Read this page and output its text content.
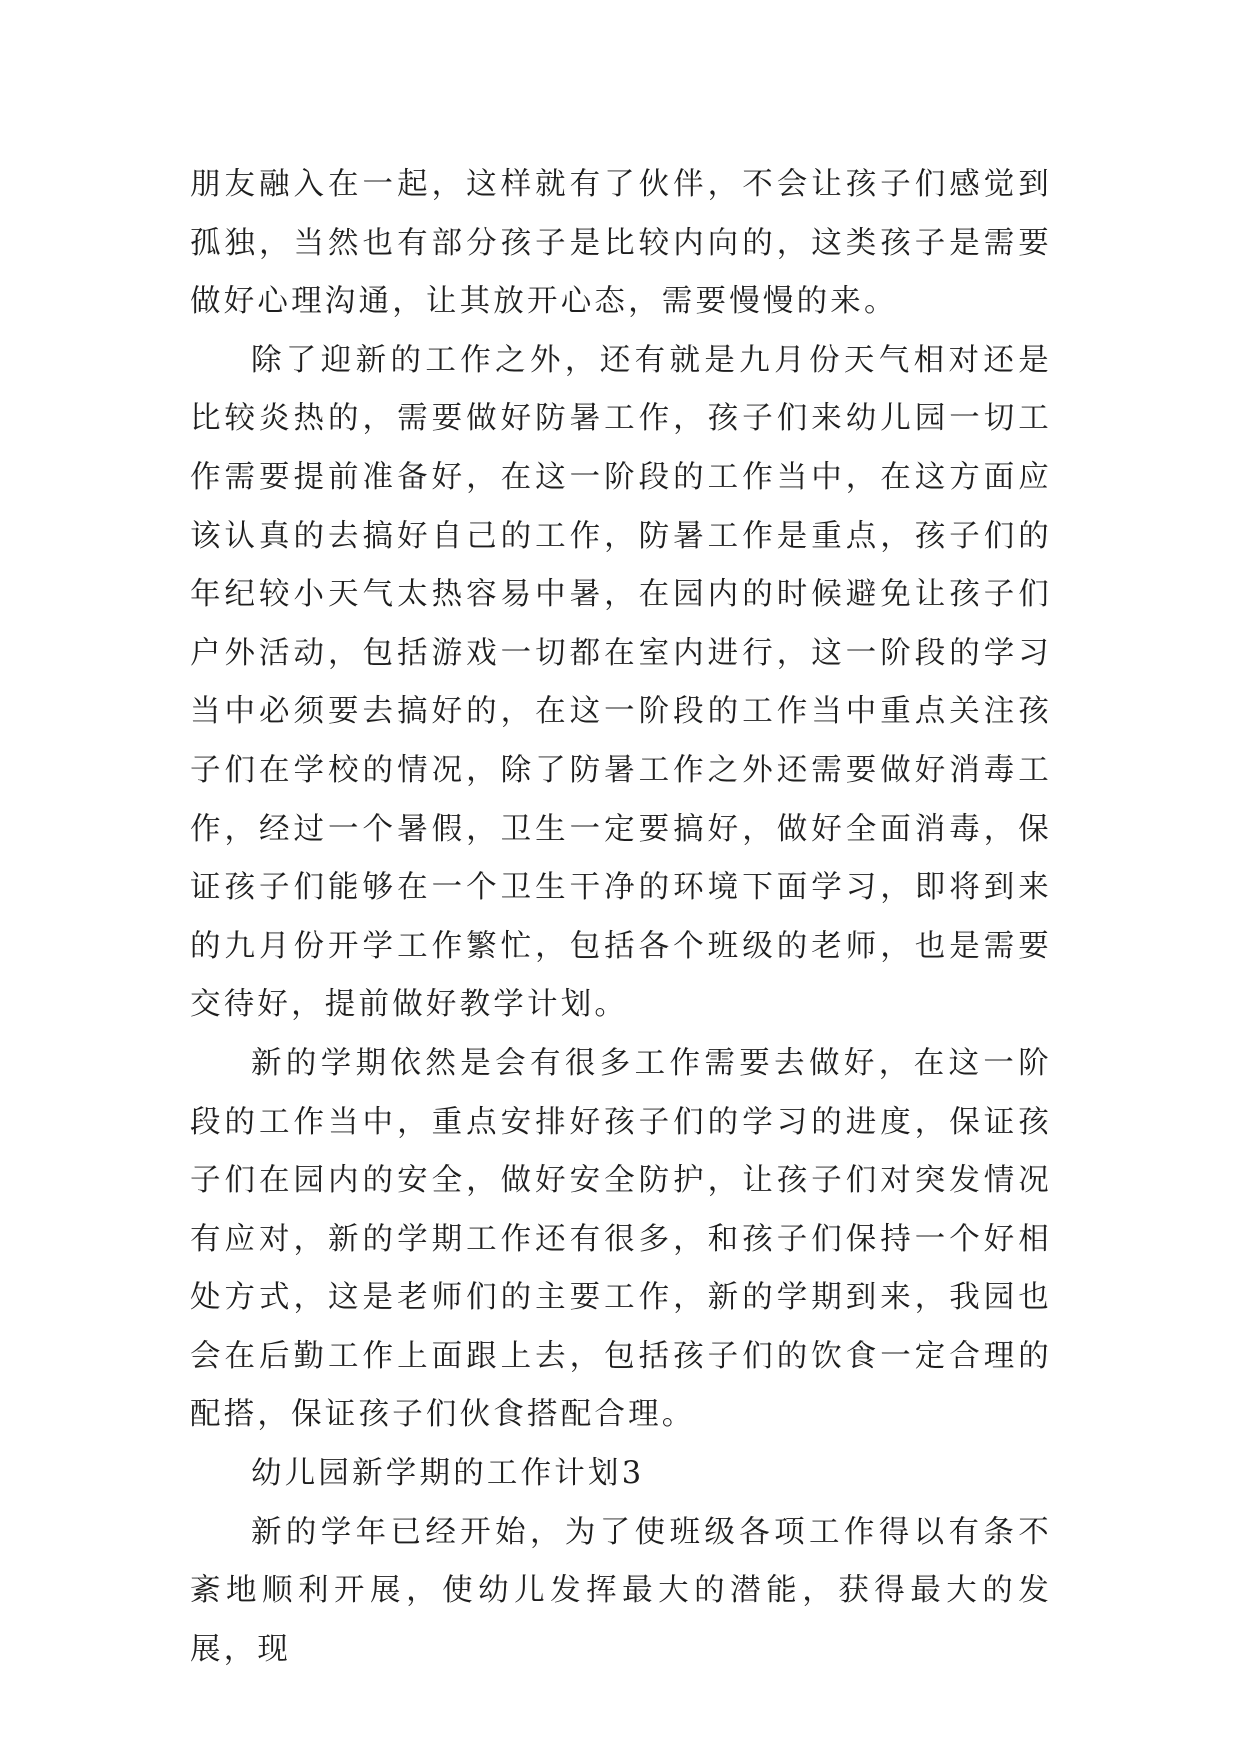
朋友融入在一起，这样就有了伙伴，不会让孩子们感觉到孤独，当然也有部分孩子是比较内向的，这类孩子是需要做好心理沟通，让其放开心态，需要慢慢的来。

除了迎新的工作之外，还有就是九月份天气相对还是比较炎热的，需要做好防暑工作，孩子们来幼儿园一切工作需要提前准备好，在这一阶段的工作当中，在这方面应该认真的去搞好自己的工作，防暑工作是重点，孩子们的年纪较小天气太热容易中暑，在园内的时候避免让孩子们户外活动，包括游戏一切都在室内进行，这一阶段的学习当中必须要去搞好的，在这一阶段的工作当中重点关注孩子们在学校的情况，除了防暑工作之外还需要做好消毒工作，经过一个暑假，卫生一定要搞好，做好全面消毒，保证孩子们能够在一个卫生干净的环境下面学习，即将到来的九月份开学工作繁忙，包括各个班级的老师，也是需要交待好，提前做好教学计划。

新的学期依然是会有很多工作需要去做好，在这一阶段的工作当中，重点安排好孩子们的学习的进度，保证孩子们在园内的安全，做好安全防护，让孩子们对突发情况有应对，新的学期工作还有很多，和孩子们保持一个好相处方式，这是老师们的主要工作，新的学期到来，我园也会在后勤工作上面跟上去，包括孩子们的饮食一定合理的配搭，保证孩子们伙食搭配合理。

幼儿园新学期的工作计划3

新的学年已经开始，为了使班级各项工作得以有条不紊地顺利开展，使幼儿发挥最大的潜能，获得最大的发展，现
